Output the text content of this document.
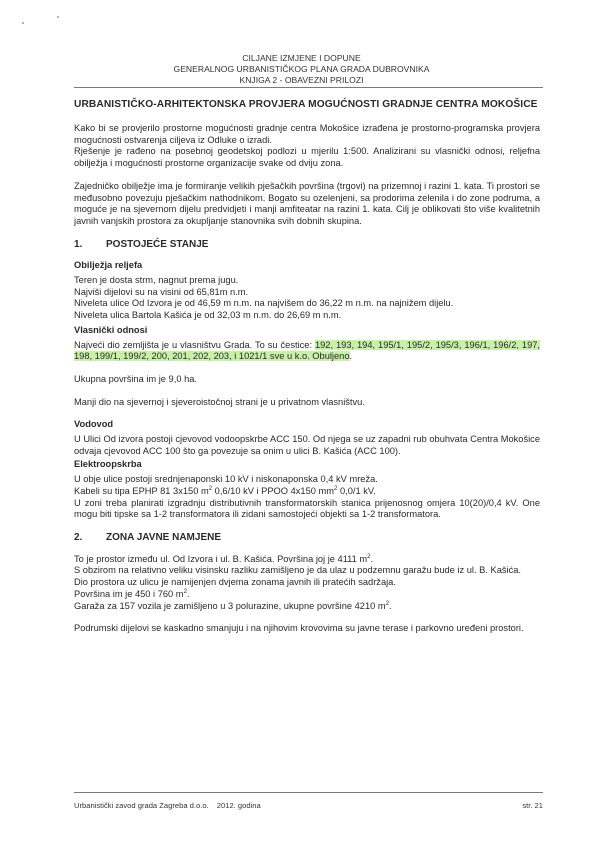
CILJANE IZMJENE I DOPUNE
GENERALNOG URBANISTIČKOG PLANA GRADA DUBROVNIKA
KNJIGA 2 - OBAVEZNI PRILOZI

URBANISTIČKO-ARHITEKTONSKA PROVJERA MOGUĆNOSTI GRADNJE CENTRA MOKOŠICE

Kako bi se provjerilo prostorne mogućnosti gradnje centra Mokošice izrađena je prostorno-programska provjera mogućnosti ostvarenja ciljeva iz Odluke o izradi.

Rješenje je rađeno na posebnoj geodetskoj podlozi u mjerilu 1:500. Analizirani su vlasnički odnosi, reljefna obilježja i mogućnosti prostorne organizacije svake od dviju zona.

Zajedničko obilježje ima je formiranje velikih pješačkih površina (trgovi) na prizemnoj i razini 1. kata. Ti prostori se međusobno povezuju pješačkim nathodnikom. Bogato su ozelenjeni, sa prodorima zelenila i do zone podruma, a moguće je na sjevernom dijelu predvidjeti i manji amfiteatar na razini 1. kata. Cilj je oblikovati što više kvalitetnih javnih vanjskih prostora za okupljanje stanovnika svih dobnih skupina.

1.	POSTOJEĆE STANJE

Obilježja reljefa

Teren je dosta strm, nagnut prema jugu.

Najviši dijelovi su na visini od 65,81m n.m.

Niveleta ulice Od Izvora je od 46,59 m n.m. na najvišem do 36,22 m n.m. na najnižem dijelu.

Niveleta ulica Bartola Kašića je od 32,03 m n.m. do 26,69 m n.m.

Vlasnički odnosi

Najveći dio zemljišta je u vlasništvu Grada. To su čestice: 192, 193, 194, 195/1, 195/2, 195/3, 196/1, 196/2, 197, 198, 199/1, 199/2, 200, 201, 202, 203, i 1021/1 sve u k.o. Obuljeno.

Ukupna površina im je 9,0 ha.

Manji dio na sjevernoj i sjeveroistočnoj strani je u privatnom vlasništvu.

Vodovod

U Ulici Od izvora postoji cjevovod vodoopskrbe ACC 150. Od njega se uz zapadni rub obuhvata Centra Mokošice odvaja cjevovod ACC 100 što ga povezuje sa onim u ulici B. Kašića (ACC 100).

Elektroopskrba

U obje ulice postoji srednjenaponski 10 kV i niskonaponska 0,4 kV mreža.

Kabeli su tipa EPHP 81 3x150 $m^2$ 0,6/10 kV i PPOO 4x150 $mm^2$ 0,0/1 kV.

U zoni treba planirati izgradnju distributivnih transformatorskih stanica prijenosnog omjera 10(20)/0,4 kV. One mogu biti tipske sa 1-2 transformatora ili zidani samostojeći objekti sa 1-2 transformatora.

2.	ZONA JAVNE NAMJENE

To je prostor između ul. Od Izvora i ul. B. Kašića. Površina joj je 4111 $m^2$.

S obzirom na relativno veliku visinsku razliku zamišljeno je da ulaz u podzemnu garažu bude iz ul. B. Kašića.

Dio prostora uz ulicu je namijenjen dvjema zonama javnih ili pratećih sadržaja.

Površina im je 450 i 760 $m^2$.

Garaža za 157 vozila je zamišljeno u 3 polurazine, ukupne površine 4210 $m^2$.

Podrumski dijelovi se kaskadno smanjuju i na njihovim krovovima su javne terase i parkovno uređeni prostori.

Urbanistički zavod grada Zagreba d.o.o. 2012. godina	str. 21
